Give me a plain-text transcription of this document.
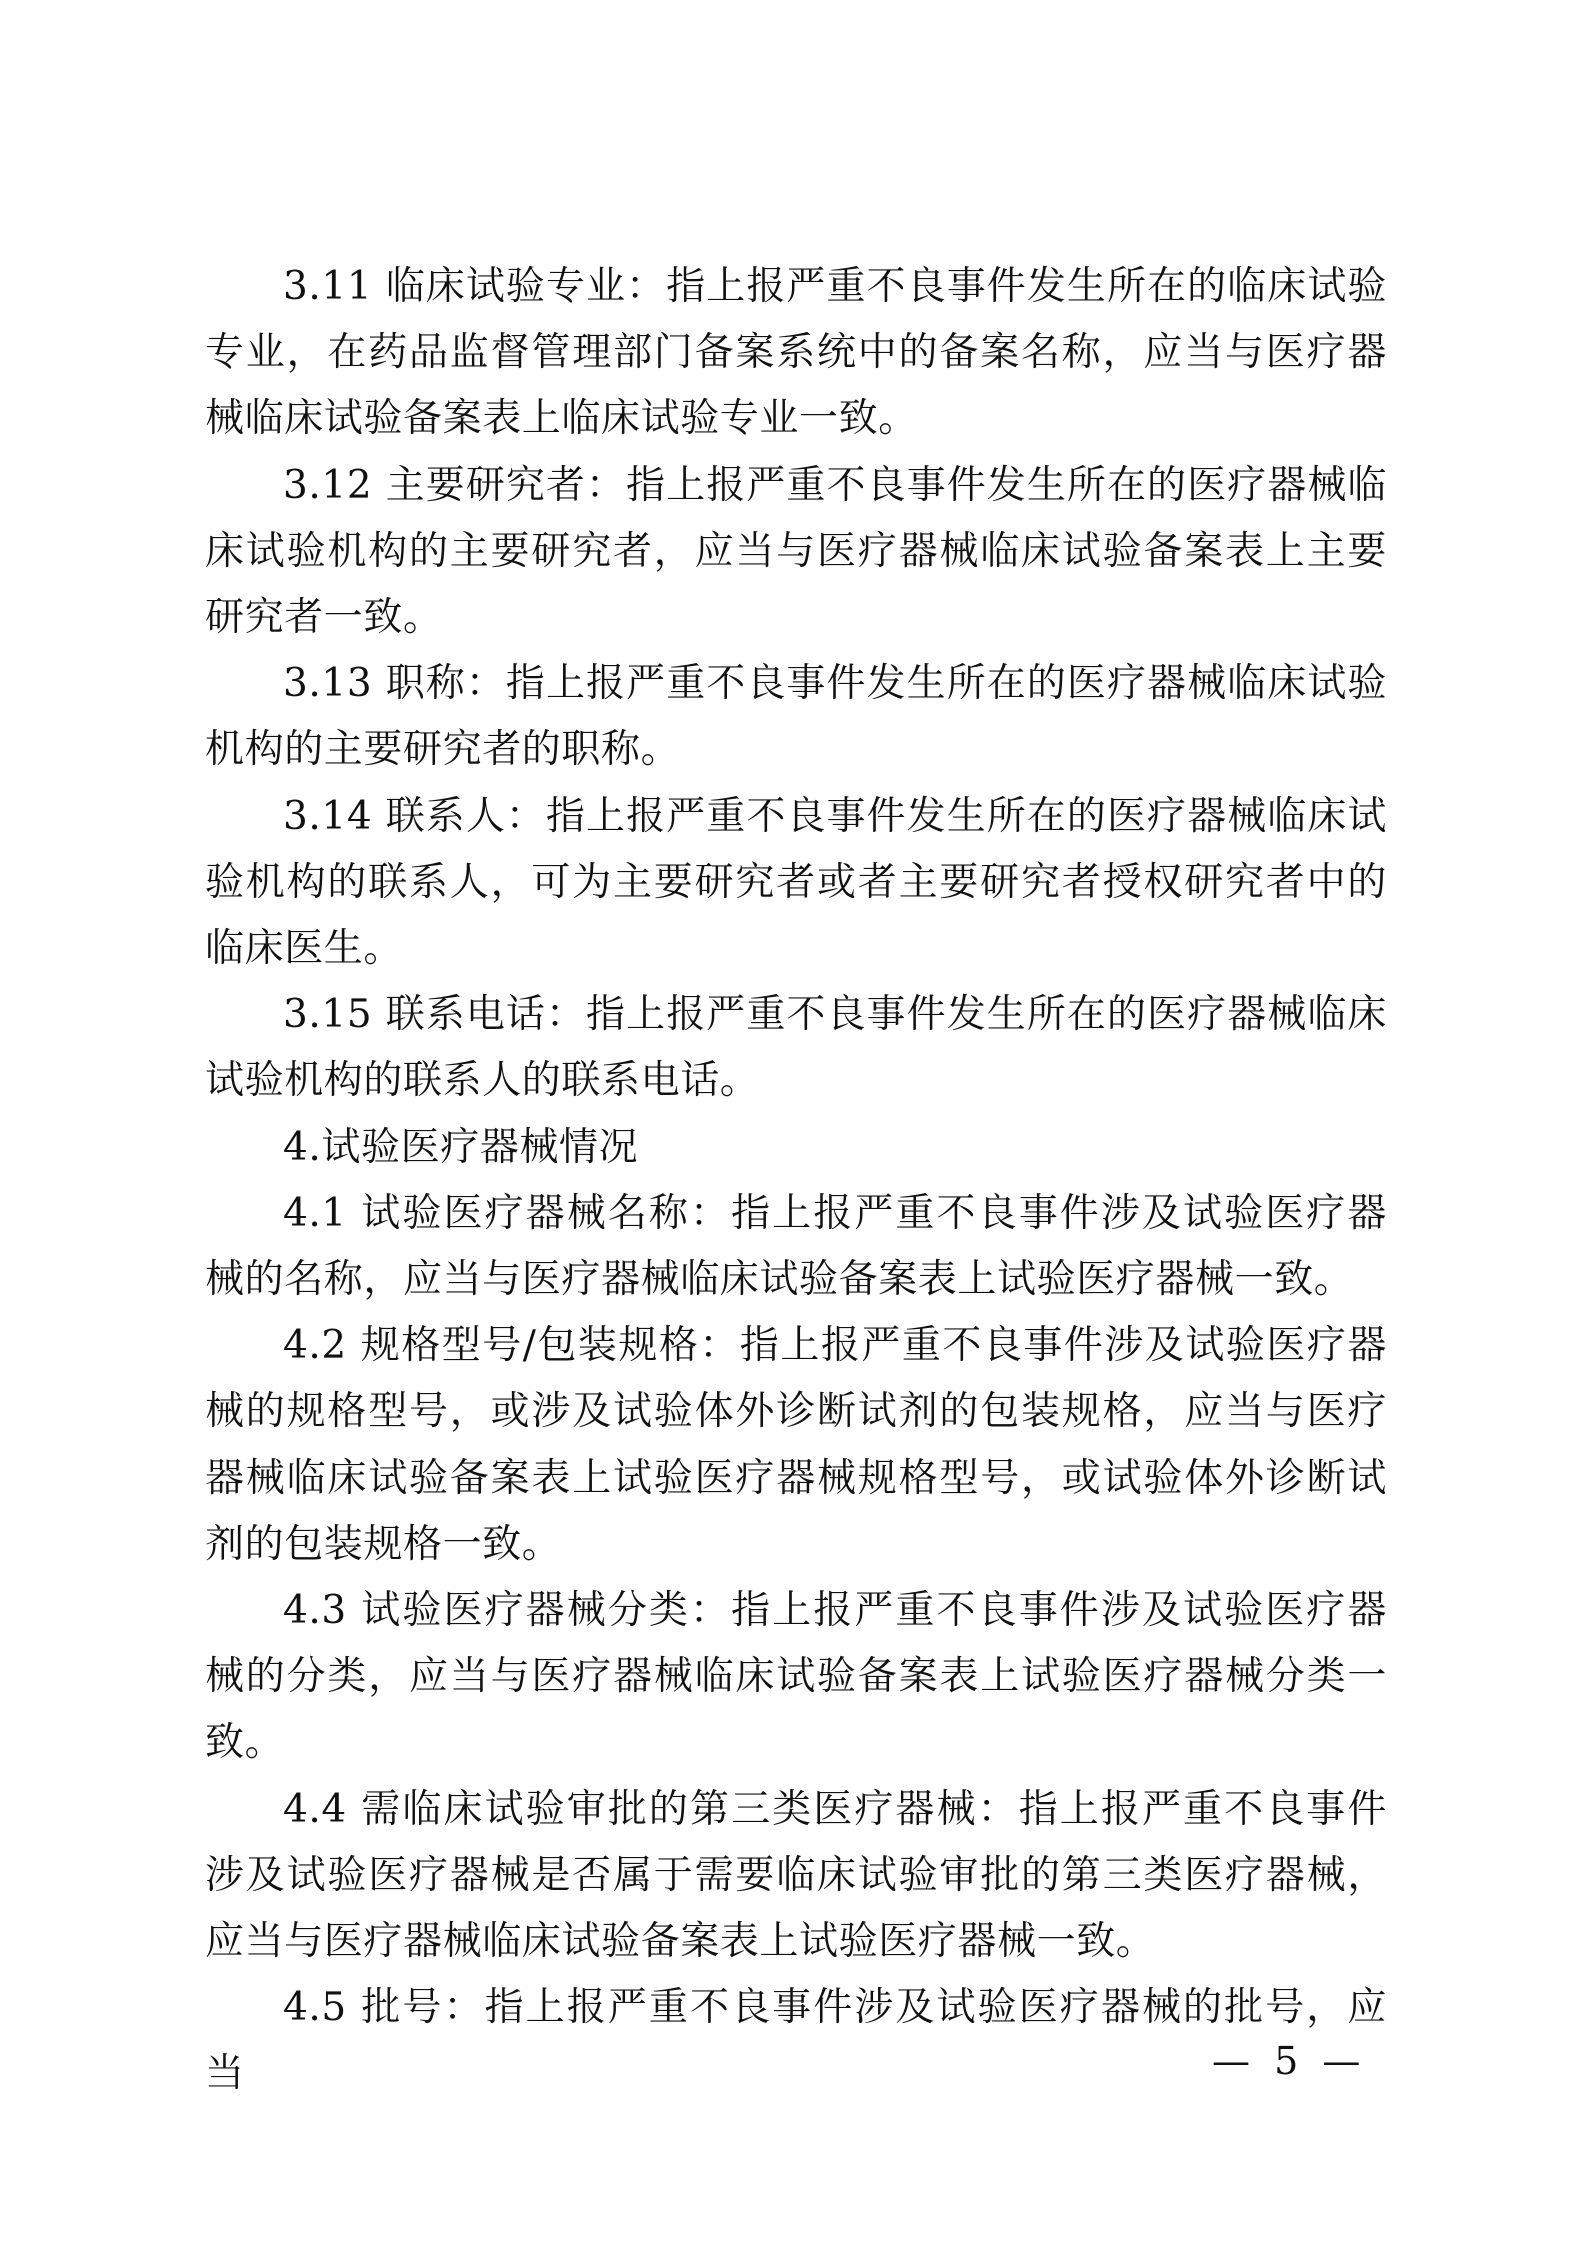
3.11 临床试验专业：指上报严重不良事件发生所在的临床试验专业，在药品监督管理部门备案系统中的备案名称，应当与医疗器械临床试验备案表上临床试验专业一致。

3.12 主要研究者：指上报严重不良事件发生所在的医疗器械临床试验机构的主要研究者，应当与医疗器械临床试验备案表上主要研究者一致。

3.13 职称：指上报严重不良事件发生所在的医疗器械临床试验机构的主要研究者的职称。

3.14 联系人：指上报严重不良事件发生所在的医疗器械临床试验机构的联系人，可为主要研究者或者主要研究者授权研究者中的临床医生。

3.15 联系电话：指上报严重不良事件发生所在的医疗器械临床试验机构的联系人的联系电话。

4.试验医疗器械情况

4.1 试验医疗器械名称：指上报严重不良事件涉及试验医疗器械的名称，应当与医疗器械临床试验备案表上试验医疗器械一致。

4.2 规格型号/包装规格：指上报严重不良事件涉及试验医疗器械的规格型号，或涉及试验体外诊断试剂的包装规格，应当与医疗器械临床试验备案表上试验医疗器械规格型号，或试验体外诊断试剂的包装规格一致。

4.3 试验医疗器械分类：指上报严重不良事件涉及试验医疗器械的分类，应当与医疗器械临床试验备案表上试验医疗器械分类一致。

4.4 需临床试验审批的第三类医疗器械：指上报严重不良事件涉及试验医疗器械是否属于需要临床试验审批的第三类医疗器械，应当与医疗器械临床试验备案表上试验医疗器械一致。

4.5 批号：指上报严重不良事件涉及试验医疗器械的批号，应当	— 5 —
